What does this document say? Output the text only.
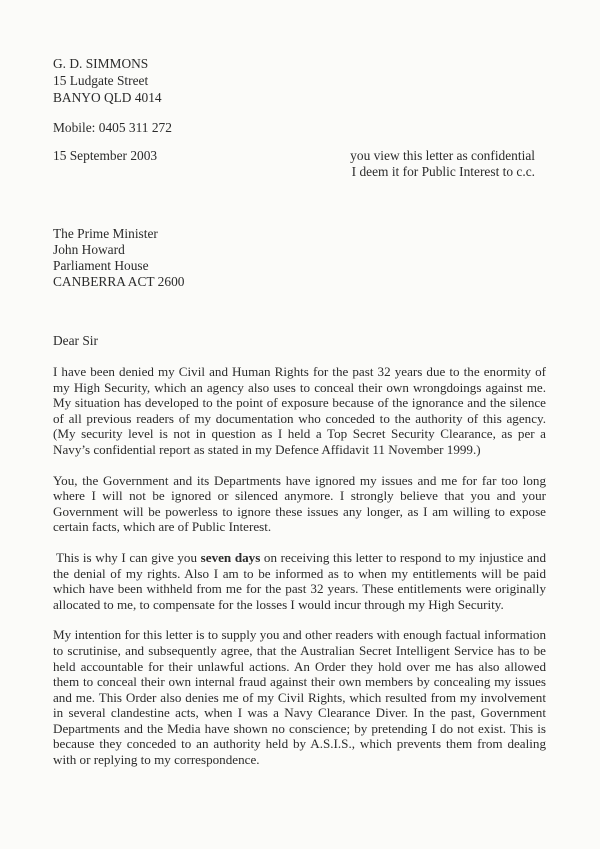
G. D. SIMMONS
15 Ludgate Street
BANYO QLD 4014
Mobile: 0405 311 272
15 September 2003	you view this letter as confidential
I deem it for Public Interest to c.c.
The Prime Minister
John Howard
Parliament House
CANBERRA ACT 2600
Dear Sir

I have been denied my Civil and Human Rights for the past 32 years due to the enormity of my High Security, which an agency also uses to conceal their own wrongdoings against me. My situation has developed to the point of exposure because of the ignorance and the silence of all previous readers of my documentation who conceded to the authority of this agency. (My security level is not in question as I held a Top Secret Security Clearance, as per a Navy’s confidential report as stated in my Defence Affidavit 11 November 1999.)

You, the Government and its Departments have ignored my issues and me for far too long where I will not be ignored or silenced anymore. I strongly believe that you and your Government will be powerless to ignore these issues any longer, as I am willing to expose certain facts, which are of Public Interest.

This is why I can give you seven days on receiving this letter to respond to my injustice and the denial of my rights. Also I am to be informed as to when my entitlements will be paid which have been withheld from me for the past 32 years. These entitlements were originally allocated to me, to compensate for the losses I would incur through my High Security.

My intention for this letter is to supply you and other readers with enough factual information to scrutinise, and subsequently agree, that the Australian Secret Intelligent Service has to be held accountable for their unlawful actions. An Order they hold over me has also allowed them to conceal their own internal fraud against their own members by concealing my issues and me. This Order also denies me of my Civil Rights, which resulted from my involvement in several clandestine acts, when I was a Navy Clearance Diver. In the past, Government Departments and the Media have shown no conscience; by pretending I do not exist. This is because they conceded to an authority held by A.S.I.S., which prevents them from dealing with or replying to my correspondence.
